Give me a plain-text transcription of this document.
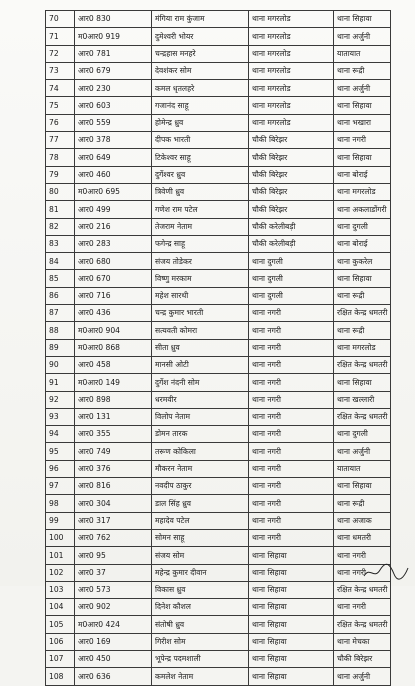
70	आर0 830	मंगिया राम कुंजाम	थाना मगरलोड	थाना सिहावा
71	म0आर0 919	दुमेश्वरी भोयर	थाना मगरलोड	थाना अर्जुनी
72	आर0 781	चन्द्रहास मनहरे	थाना मगरलोड	यातायात
73	आर0 679	देवशंकर सोम	थाना मगरलोड	थाना रूद्री
74	आर0 230	कमल धृतलहरे	थाना मगरलोड	थाना अर्जुनी
75	आर0 603	गजानंद साहू	थाना मगरलोड	थाना सिहावा
76	आर0 559	होमेन्द्र ध्रुव	थाना मगरलोड	थाना भखारा
77	आर0 378	दीपक भारती	चौकी बिरेझर	थाना नगरी
78	आर0 649	टिकेश्वर साहू	चौकी बिरेझर	थाना सिहावा
79	आर0 460	दुर्गेश्वर ध्रुव	चौकी बिरेझर	थाना बोराई
80	म0आर0 695	त्रिवेणी ध्रुव	चौकी बिरेझर	थाना मगरलोड
81	आर0 499	गणेश राम पटेल	चौकी बिरेझर	थाना अकलाडोंगरी
82	आर0 216	तेजराम नेताम	चौकी करेलीबड़ी	थाना दुगली
83	आर0 283	फगेन्द्र साहू	चौकी करेलीबड़ी	थाना बोराई
84	आर0 680	संजय तोडेकर	थाना दुगली	थाना कुकरेल
85	आर0 670	विष्णु मरकाम	थाना दुगली	थाना सिहावा
86	आर0 716	महेश सारथी	थाना दुगली	थाना रूद्री
87	आर0 436	चन्द्र कुमार भारती	थाना नगरी	रक्षित केन्द्र धमतरी
88	म0आर0 904	सत्यवती कोमरा	थाना नगरी	थाना रूद्री
89	म0आर0 868	सीता ध्रुव	थाना नगरी	थाना मगरलोड
90	आर0 458	मानसी ओटी	थाना नगरी	रक्षित केन्द्र धमतरी
91	म0आर0 149	दुर्गेश नंदनी सोम	थाना नगरी	थाना सिहावा
92	आर0 898	धरमवीर	थाना नगरी	थाना खल्लारी
93	आर0 131	विलोप नेताम	थाना नगरी	रक्षित केन्द्र धमतरी
94	आर0 355	डोमन तारक	थाना नगरी	थाना दुगली
95	आर0 749	तरूण कोकिला	थाना नगरी	थाना अर्जुनी
96	आर0 376	मौकरन नेताम	थाना नगरी	यातायात
97	आर0 816	नवदीप ठाकुर	थाना नगरी	थाना सिहावा
98	आर0 304	डाल सिंह ध्रुव	थाना नगरी	थाना रूद्री
99	आर0 317	महादेव पटेल	थाना नगरी	थाना अजाक
100	आर0 762	सोमन साहू	थाना नगरी	थाना धमतरी
101	आर0 95	संजय सोम	थाना सिहावा	थाना नगरी
102	आर0 37	महेन्द्र कुमार दीवान	थाना सिहावा	थाना नगरी
103	आर0 573	विकास ध्रुव	थाना सिहावा	रक्षित केन्द्र धमतरी
104	आर0 902	दिनेश कौशल	थाना सिहावा	थाना नगरी
105	म0आर0 424	संतोषी ध्रुव	थाना सिहावा	रक्षित केन्द्र धमतरी
106	आर0 169	गिरीश सोम	थाना सिहावा	थाना मेचका
107	आर0 450	भूपेन्द्र पदमशाली	थाना सिहावा	चौकी बिरेझर
108	आर0 636	कमलेश नेताम	थाना सिहावा	थाना अर्जुनी
